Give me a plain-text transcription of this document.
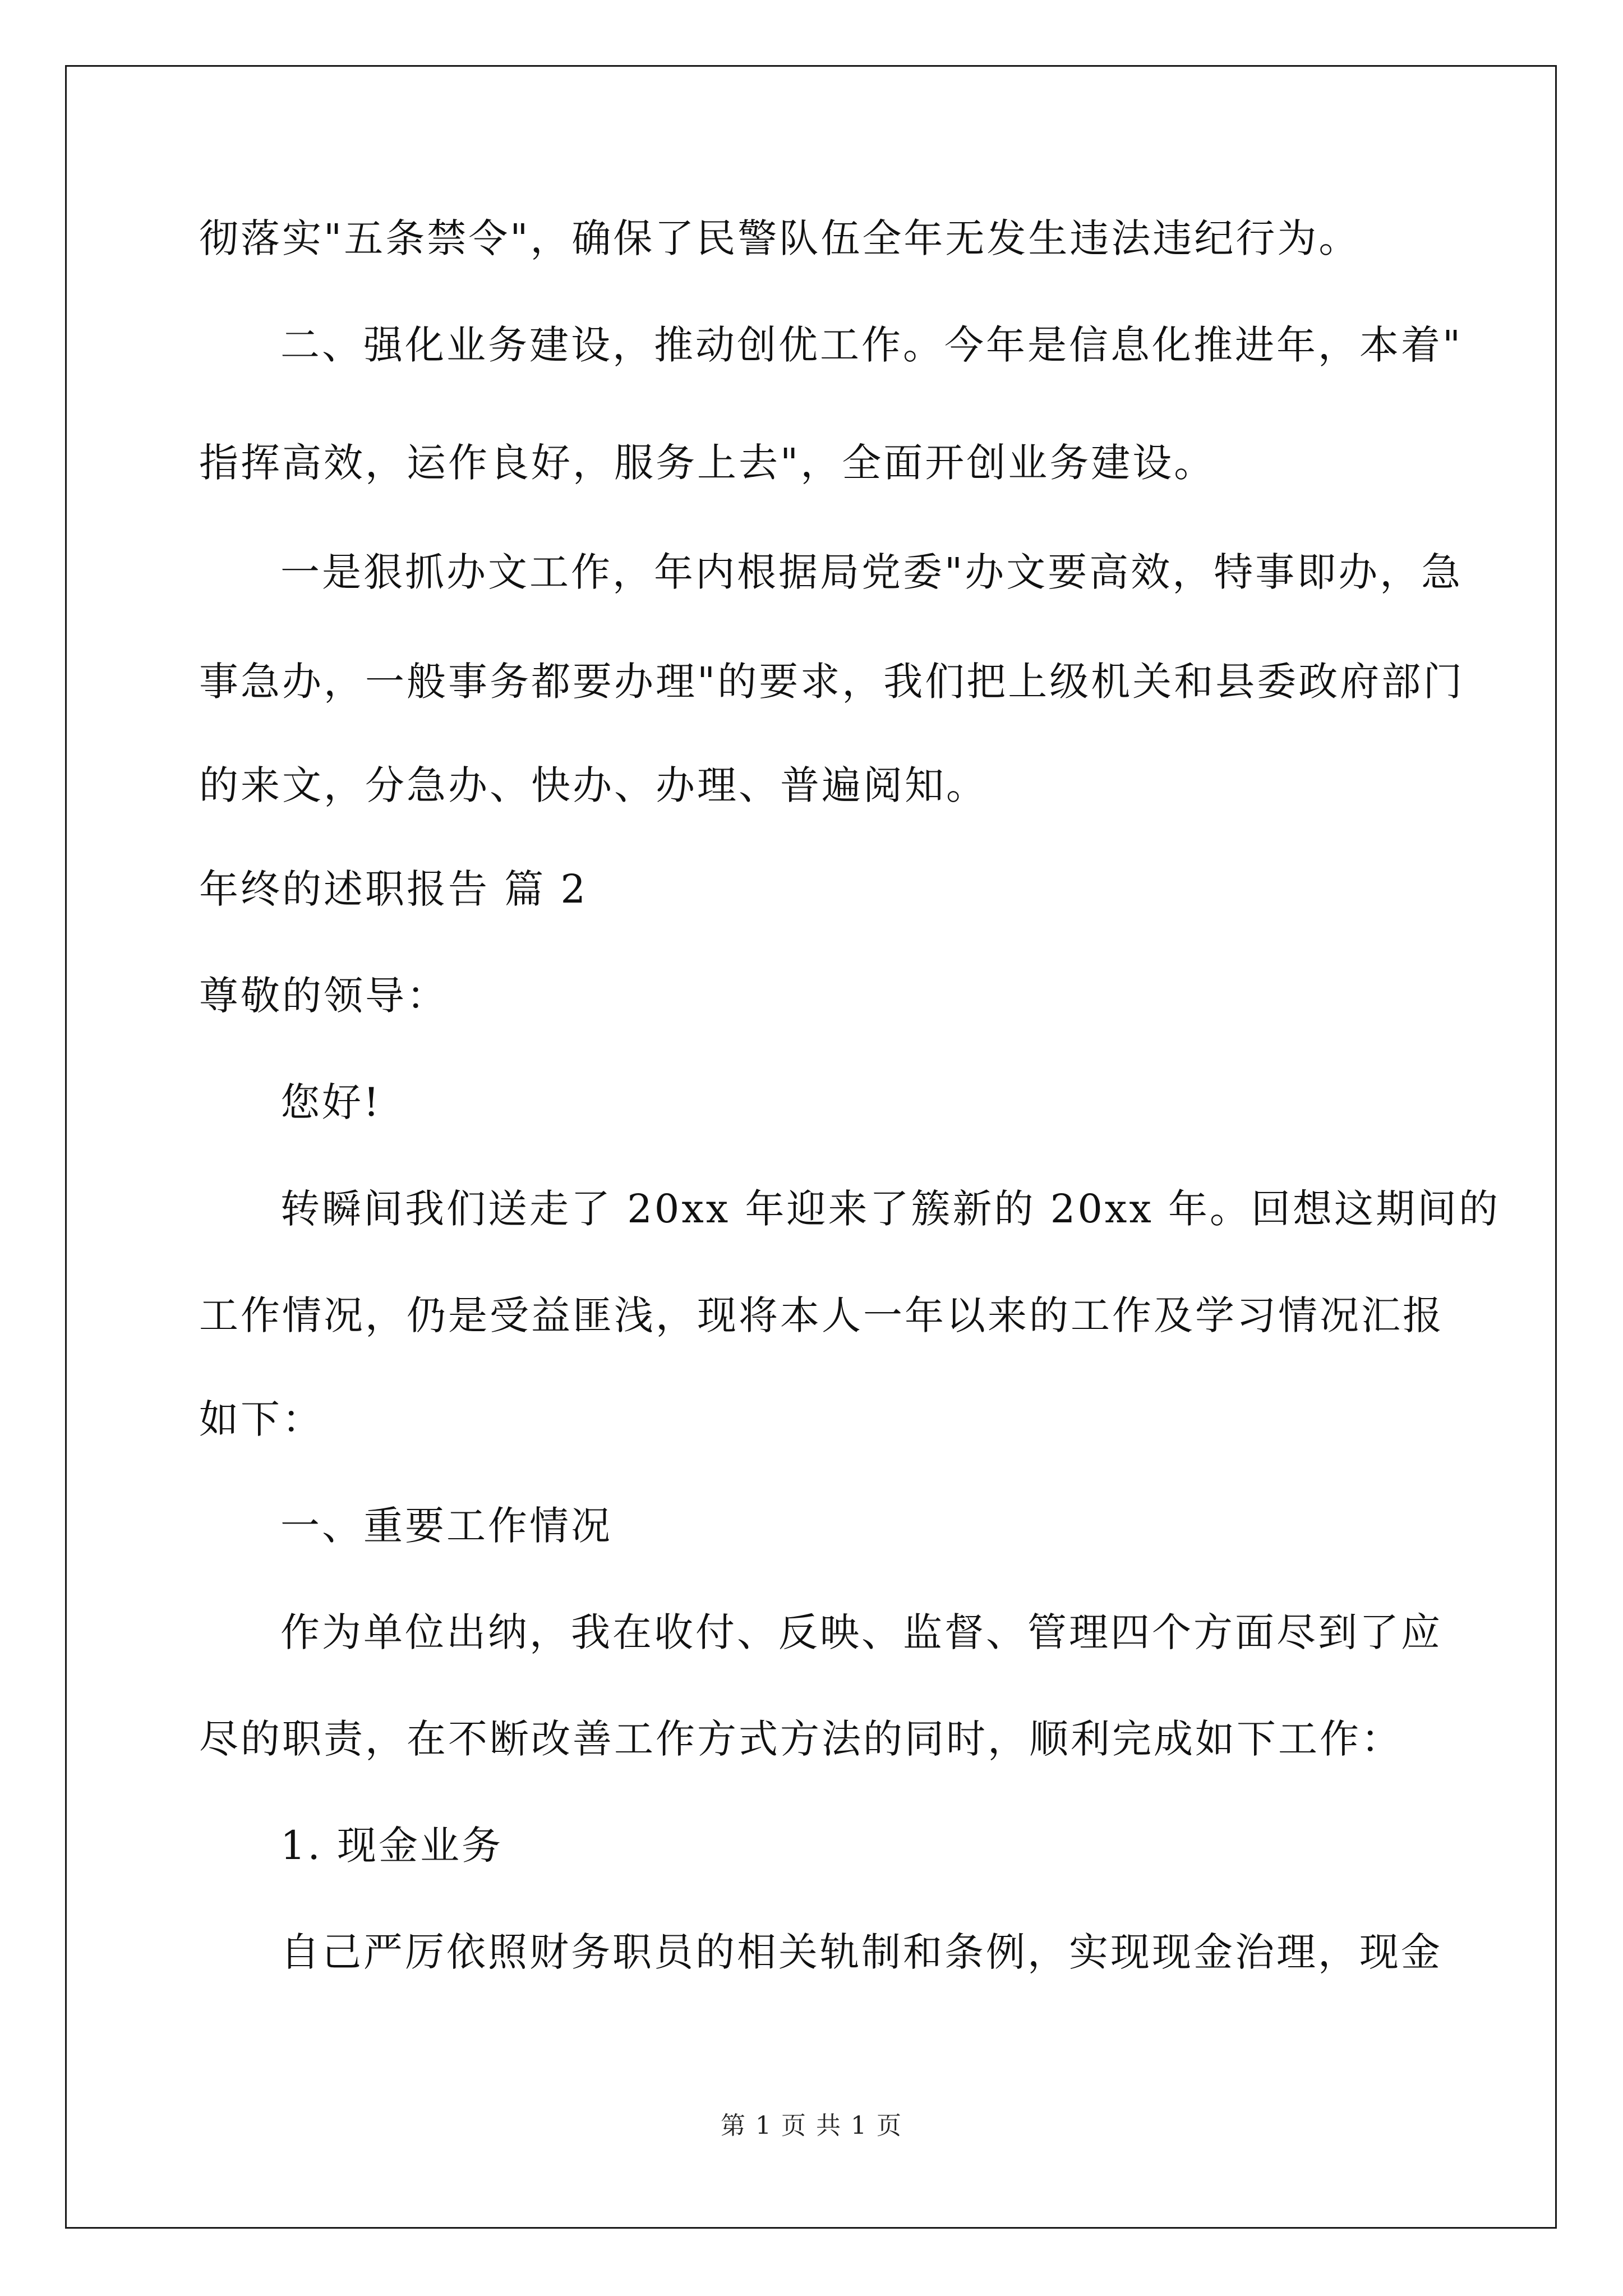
彻落实"五条禁令"，确保了民警队伍全年无发生违法违纪行为。
二、强化业务建设，推动创优工作。今年是信息化推进年，本着"
指挥高效，运作良好，服务上去"，全面开创业务建设。
一是狠抓办文工作，年内根据局党委"办文要高效，特事即办，急
事急办，一般事务都要办理"的要求，我们把上级机关和县委政府部门
的来文，分急办、快办、办理、普遍阅知。
年终的述职报告 篇 2
尊敬的领导：
您好!
转瞬间我们送走了 20xx 年迎来了簇新的 20xx 年。回想这期间的
工作情况，仍是受益匪浅，现将本人一年以来的工作及学习情况汇报
如下：
一、重要工作情况
作为单位出纳，我在收付、反映、监督、管理四个方面尽到了应
尽的职责，在不断改善工作方式方法的同时，顺利完成如下工作：
1. 现金业务
自己严厉依照财务职员的相关轨制和条例，实现现金治理，现金
第 1 页 共 1 页
